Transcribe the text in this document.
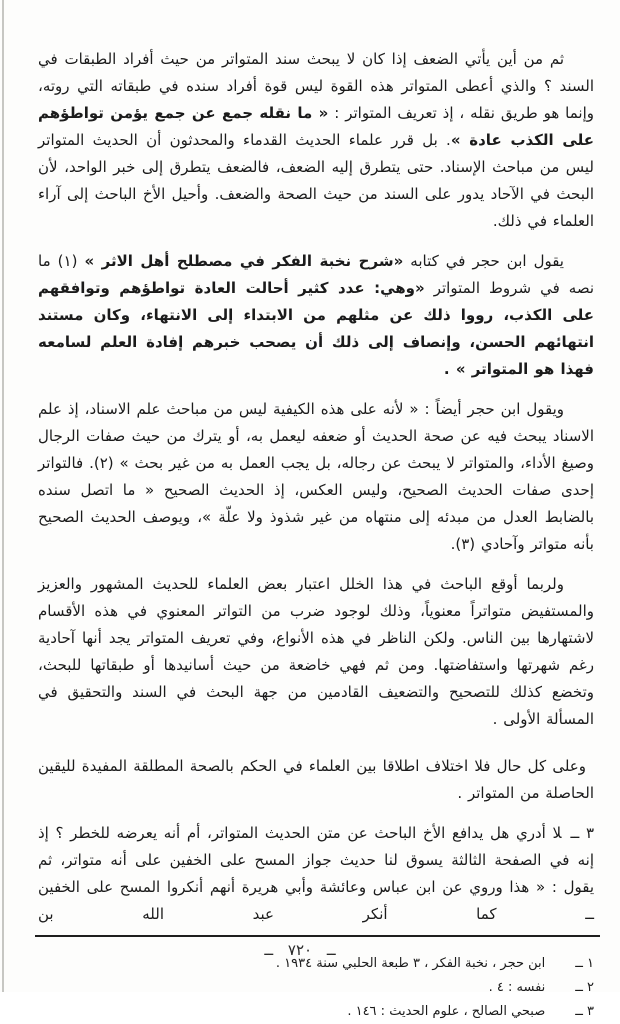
ثم من أين يأتي الضعف إذا كان لا يبحث سند المتواتر من حيث أفراد الطبقات في السند ؟ والذي أعطى المتواتر هذه القوة ليس قوة أفراد سنده في طبقاته التي روته، وإنما هو طريق نقله ، إذ تعريف المتواتر : « ما نقله جمع عن جمع يؤمن تواطؤهم على الكذب عادة ». بل قرر علماء الحديث القدماء والمحدثون أن الحديث المتواتر ليس من مباحث الإسناد. حتى يتطرق إليه الضعف، فالضعف يتطرق إلى خبر الواحد، لأن البحث في الآحاد يدور على السند من حيث الصحة والضعف. وأحيل الأخ الباحث إلى آراء العلماء في ذلك.

يقول ابن حجر في كتابه «شرح نخبة الفكر في مصطلح أهل الاثر » (١) ما نصه في شروط المتواتر «وهي: عدد كثير أحالت العادة تواطؤهم وتوافقهم على الكذب، رووا ذلك عن مثلهم من الابتداء إلى الانتهاء، وكان مستند انتهائهم الحسن، وإنصاف إلى ذلك أن يصحب خبرهم إفادة العلم لسامعه فهذا هو المتواتر » .

ويقول ابن حجر أيضاً : « لأنه على هذه الكيفية ليس من مباحث علم الاسناد، إذ علم الاسناد يبحث فيه عن صحة الحديث أو ضعفه ليعمل به، أو يترك من حيث صفات الرجال وصيغ الأداء، والمتواتر لا يبحث عن رجاله، بل يجب العمل به من غير بحث » (٢). فالتواتر إحدى صفات الحديث الصحيح، وليس العكس، إذ الحديث الصحيح « ما اتصل سنده بالضابط العدل من مبدئه إلى منتهاه من غير شذوذ ولا علّة »، ويوصف الحديث الصحيح بأنه متواتر وآحادي (٣).

ولربما أوقع الباحث في هذا الخلل اعتبار بعض العلماء للحديث المشهور والعزيز والمستفيض متواتراً معنوياً، وذلك لوجود ضرب من التواتر المعنوي في هذه الأقسام لاشتهارها بين الناس. ولكن الناظر في هذه الأنواع، وفي تعريف المتواتر يجد أنها آحادية رغم شهرتها واستفاضتها. ومن ثم فهي خاضعة من حيث أسانيدها أو طبقاتها للبحث، وتخضع كذلك للتصحيح والتضعيف القادمين من جهة البحث في السند والتحقيق في المسألة الأولى .

وعلى كل حال فلا اختلاف اطلاقا بين العلماء في الحكم بالصحة المطلقة المفيدة لليقين الحاصلة من المتواتر .

٣ ــلا أدري هل يدافع الأخ الباحث عن متن الحديث المتواتر، أم أنه يعرضه للخطر ؟ إذ إنه في الصفحة الثالثة يسوق لنا حديث جواز المسح على الخفين على أنه متواتر، ثم يقول : « هذا وروي عن ابن عباس وعائشة وأبي هريرة أنهم أنكروا المسح على الخفين ــ كما أنكر عبد الله بن

١ ــابن حجر ، نخبة الفكر ، ٣ طبعة الحلبي سنة ١٩٣٤ .
٢ ــنفسه : ٤ .
٣ ــصبحي الصالح ، علوم الحديث : ١٤٦ .
ــ ٧٢٠ ــ
